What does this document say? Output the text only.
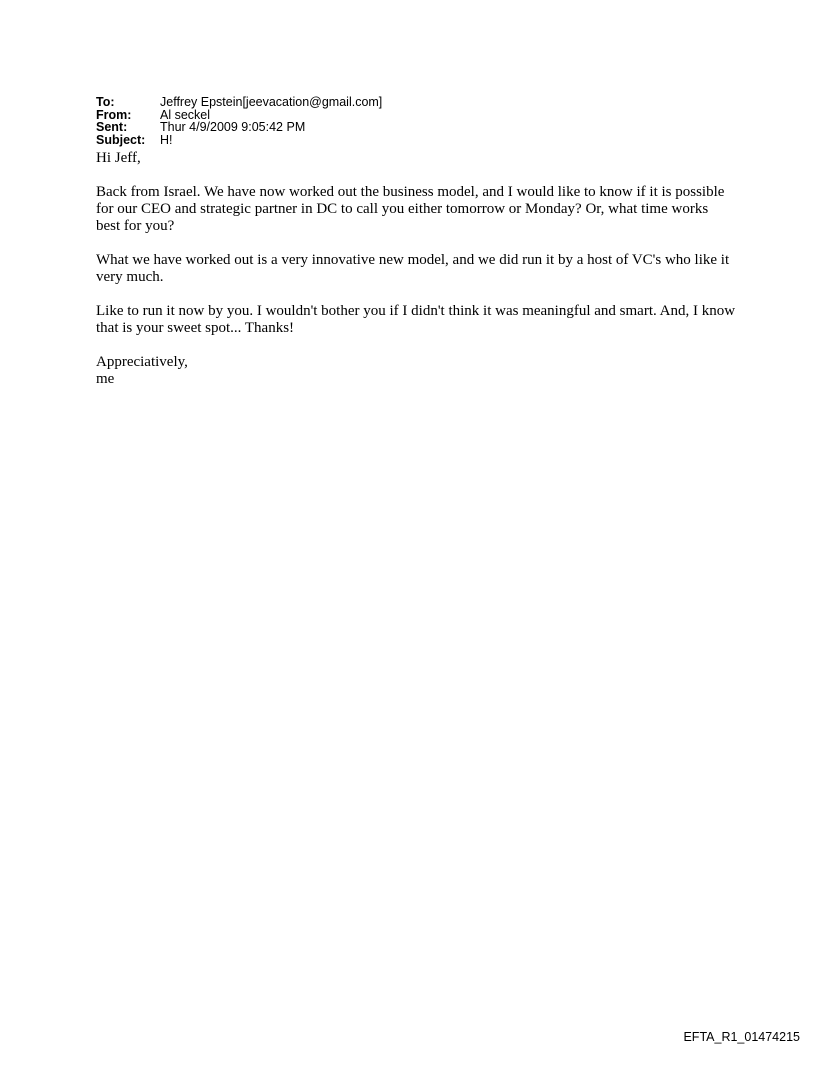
To:	Jeffrey Epstein[jeevacation@gmail.com]
From:	Al seckel
Sent:	Thur 4/9/2009 9:05:42 PM
Subject:	H!

Hi Jeff,

Back from Israel. We have now worked out the business model, and I would like to know if it is possible for our CEO and strategic partner in DC to call you either tomorrow or Monday? Or, what time works best for you?

What we have worked out is a very innovative new model, and we did run it by a host of VC's who like it very much.

Like to run it now by you. I wouldn't bother you if I didn't think it was meaningful and smart. And, I know that is your sweet spot... Thanks!

Appreciatively,
me
EFTA_R1_01474215
